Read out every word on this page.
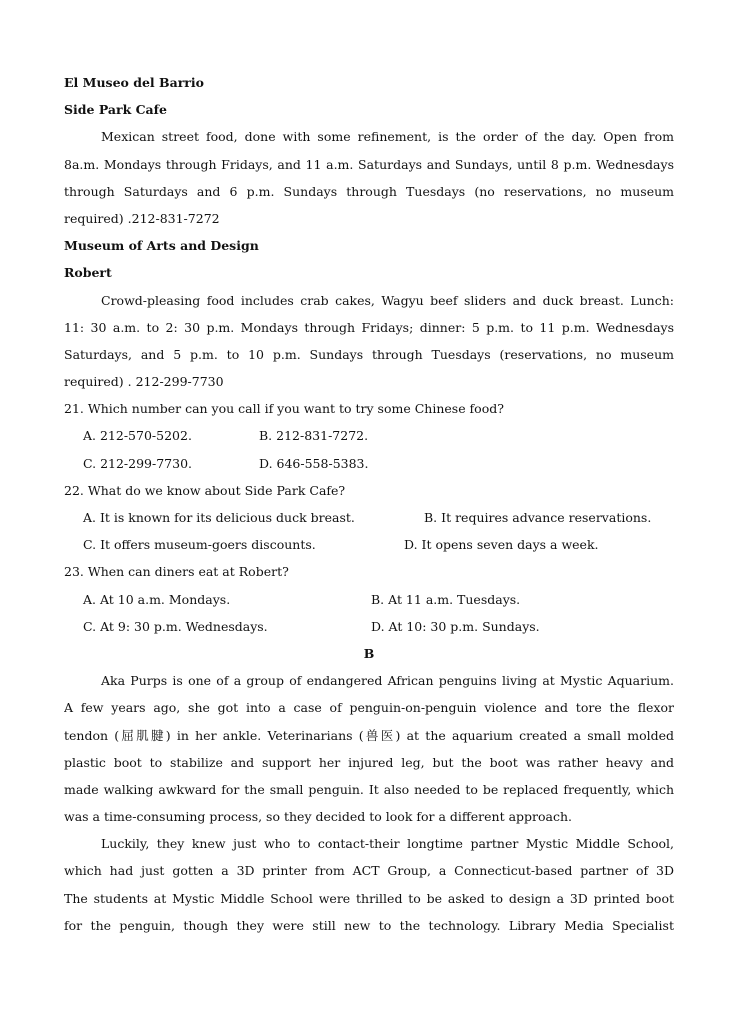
El Museo del Barrio
Side Park Cafe
Mexican street food, done with some refinement, is the order of the day. Open from
8a.m. Mondays through Fridays, and 11 a.m. Saturdays and Sundays, until 8 p.m. Wednesdays
through Saturdays and 6 p.m. Sundays through Tuesdays (no reservations, no museum
required) .212-831-7272
Museum of Arts and Design
Robert
Crowd-pleasing food includes crab cakes, Wagyu beef sliders and duck breast. Lunch:
11: 30 a.m. to 2: 30 p.m. Mondays through Fridays; dinner: 5 p.m. to 11 p.m. Wednesdays
Saturdays, and 5 p.m. to 10 p.m. Sundays through Tuesdays (reservations, no museum
required) . 212-299-7730
21. Which number can you call if you want to try some Chinese food?
A. 212-570-5202.	B. 212-831-7272.
C. 212-299-7730.	D. 646-558-5383.
22. What do we know about Side Park Cafe?
A. It is known for its delicious duck breast.	B. It requires advance reservations.
C. It offers museum-goers discounts.	D. It opens seven days a week.
23. When can diners eat at Robert?
A. At 10 a.m. Mondays.	B. At 11 a.m. Tuesdays.
C. At 9: 30 p.m. Wednesdays.	D. At 10: 30 p.m. Sundays.
B
Aka Purps is one of a group of endangered African penguins living at Mystic Aquarium.
A few years ago, she got into a case of penguin-on-penguin violence and tore the flexor
tendon (屈肌腱) in her ankle. Veterinarians (兽医) at the aquarium created a small molded
plastic boot to stabilize and support her injured leg, but the boot was rather heavy and
made walking awkward for the small penguin. It also needed to be replaced frequently, which
was a time-consuming process, so they decided to look for a different approach.
Luckily, they knew just who to contact-their longtime partner Mystic Middle School,
which had just gotten a 3D printer from ACT Group, a Connecticut-based partner of 3D
The students at Mystic Middle School were thrilled to be asked to design a 3D printed boot
for the penguin, though they were still new to the technology. Library Media Specialist
